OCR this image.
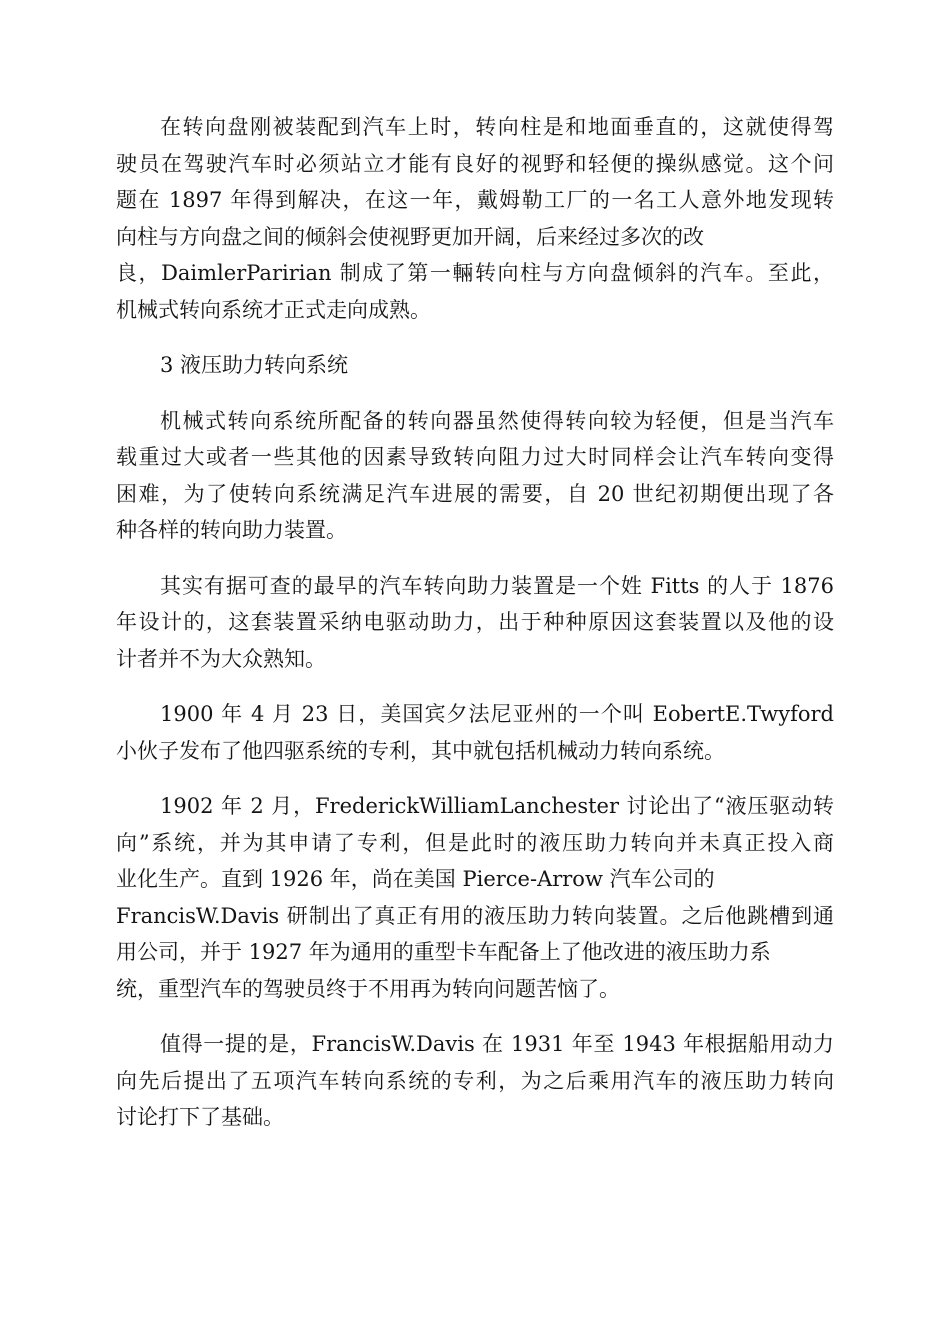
在转向盘刚被装配到汽车上时，转向柱是和地面垂直的，这就使得驾
驶员在驾驶汽车时必须站立才能有良好的视野和轻便的操纵感觉。这个问
题在 1897 年得到解决，在这一年，戴姆勒工厂的一名工人意外地发现转
向柱与方向盘之间的倾斜会使视野更加开阔，后来经过多次的改
良，DaimlerParirian 制成了第一輛转向柱与方向盘倾斜的汽车。至此，
机械式转向系统才正式走向成熟。
3 液压助力转向系统
机械式转向系统所配备的转向器虽然使得转向较为轻便，但是当汽车
载重过大或者一些其他的因素导致转向阻力过大时同样会让汽车转向变得
困难，为了使转向系统满足汽车进展的需要，自 20 世纪初期便出现了各
种各样的转向助力装置。
其实有据可查的最早的汽车转向助力装置是一个姓 Fitts 的人于 1876
年设计的，这套装置采纳电驱动助力，出于种种原因这套装置以及他的设
计者并不为大众熟知。
1900 年 4 月 23 日，美国宾夕法尼亚州的一个叫 EobertE.Twyford
小伙子发布了他四驱系统的专利，其中就包括机械动力转向系统。
1902 年 2 月，FrederickWilliamLanchester 讨论出了“液压驱动转
向”系统，并为其申请了专利，但是此时的液压助力转向并未真正投入商
业化生产。直到 1926 年，尚在美国 Pierce-Arrow 汽车公司的
FrancisW.Davis 研制出了真正有用的液压助力转向装置。之后他跳槽到通
用公司，并于 1927 年为通用的重型卡车配备上了他改进的液压助力系
统，重型汽车的驾驶员终于不用再为转向问题苦恼了。
值得一提的是，FrancisW.Davis 在 1931 年至 1943 年根据船用动力
向先后提出了五项汽车转向系统的专利，为之后乘用汽车的液压助力转向
讨论打下了基础。
